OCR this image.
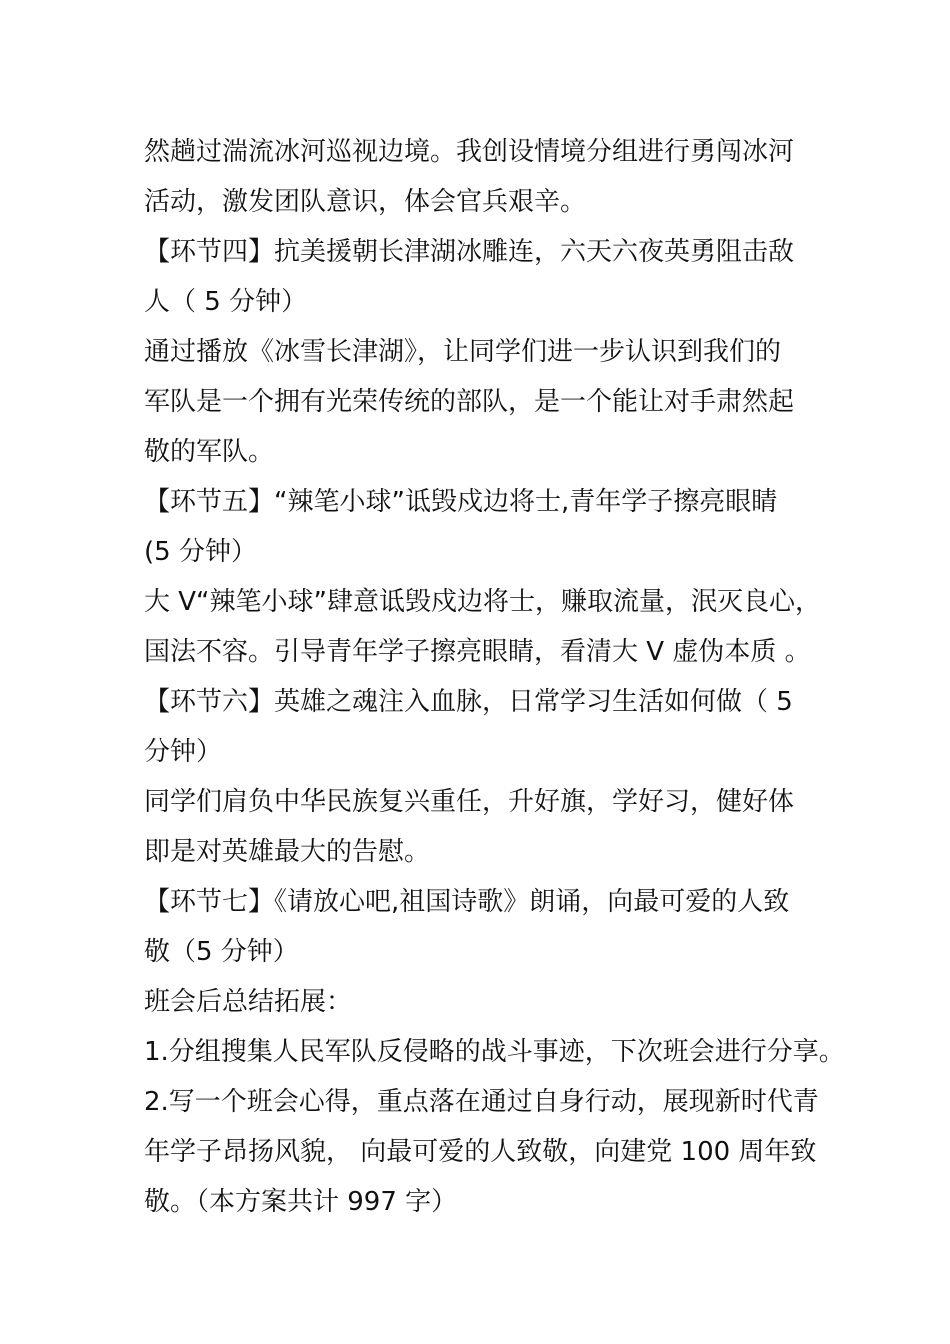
然趟过湍流冰河巡视边境。我创设情境分组进行勇闯冰河
活动，激发团队意识，体会官兵艰辛。
【环节四】抗美援朝长津湖冰雕连，六天六夜英勇阻击敌
人（ 5 分钟）
通过播放《冰雪长津湖》，让同学们进一步认识到我们的
军队是一个拥有光荣传统的部队，是一个能让对手肃然起
敬的军队。
【环节五】“辣笔小球”诋毁戍边将士,青年学子擦亮眼睛
(5 分钟）
大 V“辣笔小球”肆意诋毁戍边将士，赚取流量，泯灭良心，
国法不容。引导青年学子擦亮眼睛，看清大 V 虚伪本质 。
【环节六】英雄之魂注入血脉，日常学习生活如何做（ 5
分钟）
同学们肩负中华民族复兴重任，升好旗，学好习，健好体
即是对英雄最大的告慰。
【环节七】《请放心吧,祖国诗歌》朗诵，向最可爱的人致
敬（5 分钟）
班会后总结拓展：
1.分组搜集人民军队反侵略的战斗事迹，下次班会进行分享。
2.写一个班会心得，重点落在通过自身行动，展现新时代青
年学子昂扬风貌， 向最可爱的人致敬，向建党 100 周年致
敬。（本方案共计 997 字）
